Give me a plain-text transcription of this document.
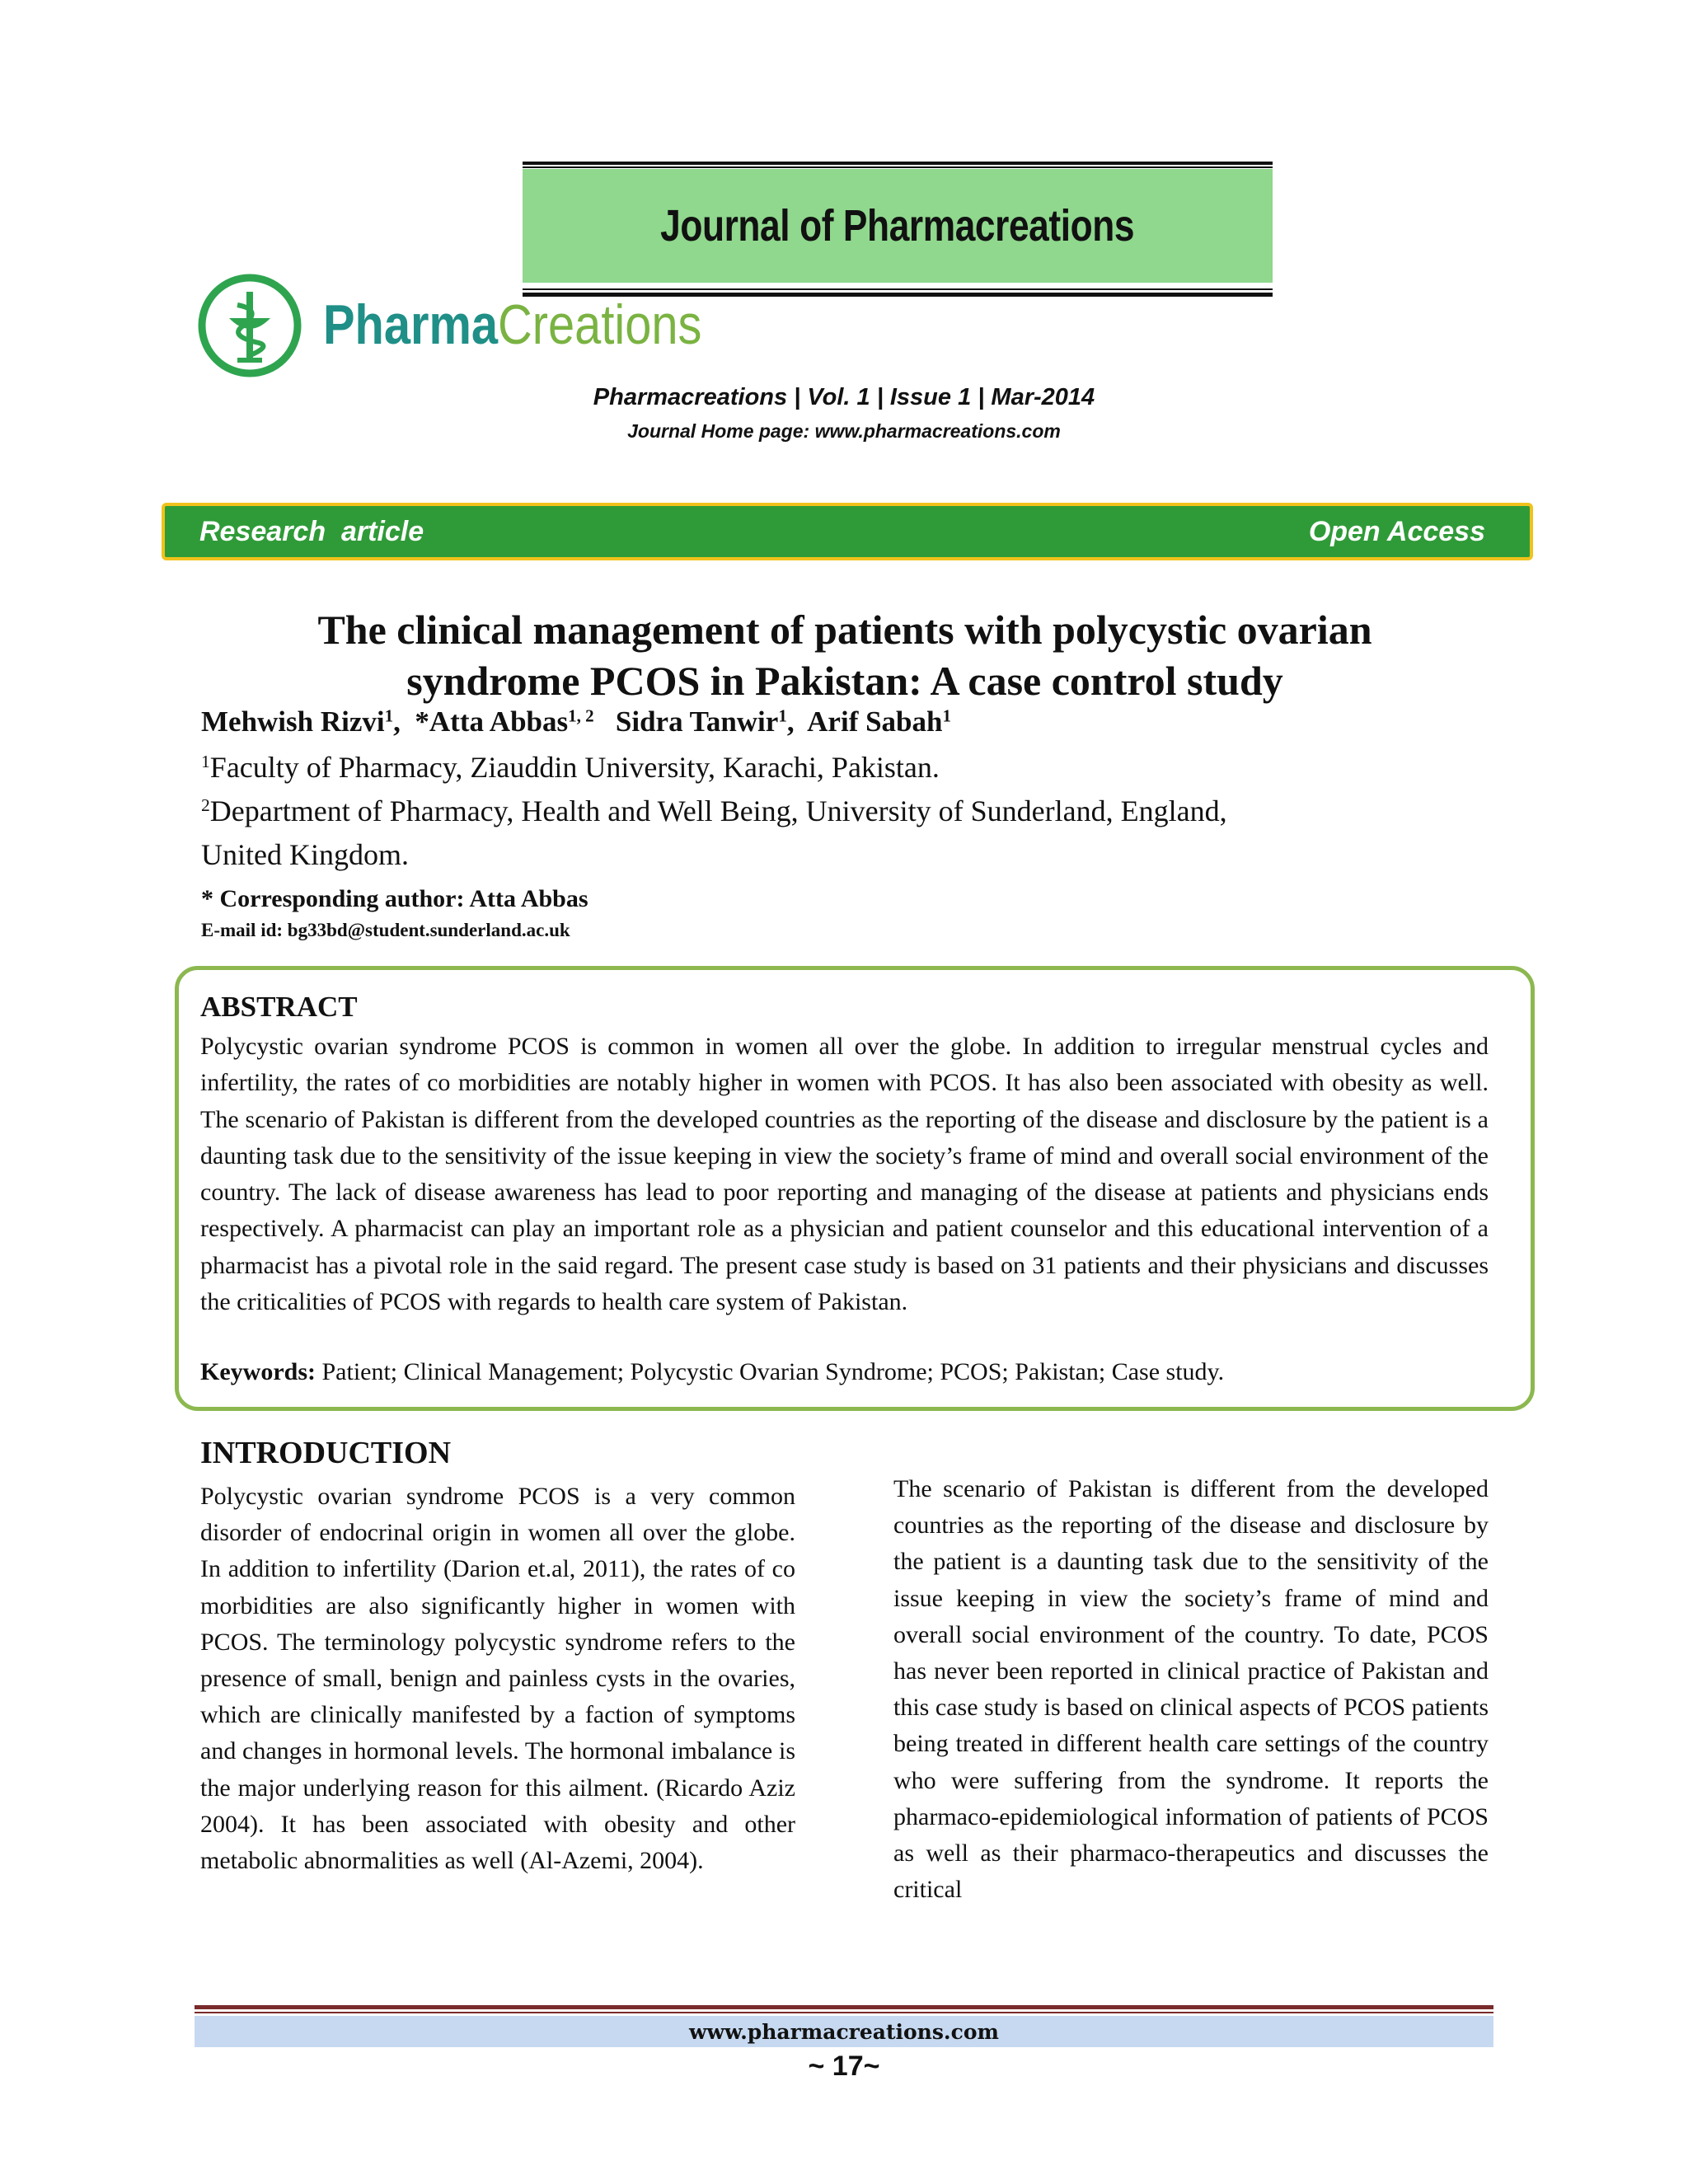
Journal of Pharmacreations
PharmaCreations
Pharmacreations | Vol. 1 | Issue 1 | Mar-2014
Journal Home page: www.pharmacreations.com
Research  article	Open Access
The clinical management of patients with polycystic ovarian
syndrome PCOS in Pakistan: A case control study
Mehwish Rizvi$^1$,  *Atta Abbas$^{1, 2}$ Sidra Tanwir$^1$,  Arif Sabah$^1$
$^1$Faculty of Pharmacy, Ziauddin University, Karachi, Pakistan.
$^2$Department of Pharmacy, Health and Well Being, University of Sunderland, England,
United Kingdom.
* Corresponding author: Atta Abbas
E-mail id: bg33bd@student.sunderland.ac.uk
ABSTRACT
Polycystic ovarian syndrome PCOS is common in women all over the globe. In addition to irregular menstrual cycles and infertility, the rates of co morbidities are notably higher in women with PCOS. It has also been associated with obesity as well. The scenario of Pakistan is different from the developed countries as the reporting of the disease and disclosure by the patient is a daunting task due to the sensitivity of the issue keeping in view the society’s frame of mind and overall social environment of the country. The lack of disease awareness has lead to poor reporting and managing of the disease at patients and physicians ends respectively. A pharmacist can play an important role as a physician and patient counselor and this educational intervention of a pharmacist has a pivotal role in the said regard. The present case study is based on 31 patients and their physicians and discusses the criticalities of PCOS with regards to health care system of Pakistan.
Keywords: Patient; Clinical Management; Polycystic Ovarian Syndrome; PCOS; Pakistan; Case study.
INTRODUCTION
Polycystic ovarian syndrome PCOS is a very common disorder of endocrinal origin in women all over the globe. In addition to infertility (Darion et.al, 2011), the rates of co morbidities are also significantly higher in women with PCOS. The terminology polycystic syndrome refers to the presence of small, benign and painless cysts in the ovaries, which are clinically manifested by a faction of symptoms and changes in hormonal levels. The hormonal imbalance is the major underlying reason for this ailment. (Ricardo Aziz 2004). It has been associated with obesity and other metabolic abnormalities as well (Al-Azemi, 2004).
The scenario of Pakistan is different from the developed countries as the reporting of the disease and disclosure by the patient is a daunting task due to the sensitivity of the issue keeping in view the society’s frame of mind and overall social environment of the country. To date, PCOS has never been reported in clinical practice of Pakistan and this case study is based on clinical aspects of PCOS patients being treated in different health care settings of the country who were suffering from the syndrome. It reports the pharmaco-epidemiological information of patients of PCOS as well as their pharmaco-therapeutics and discusses the critical
www.pharmacreations.com
~ 17~
